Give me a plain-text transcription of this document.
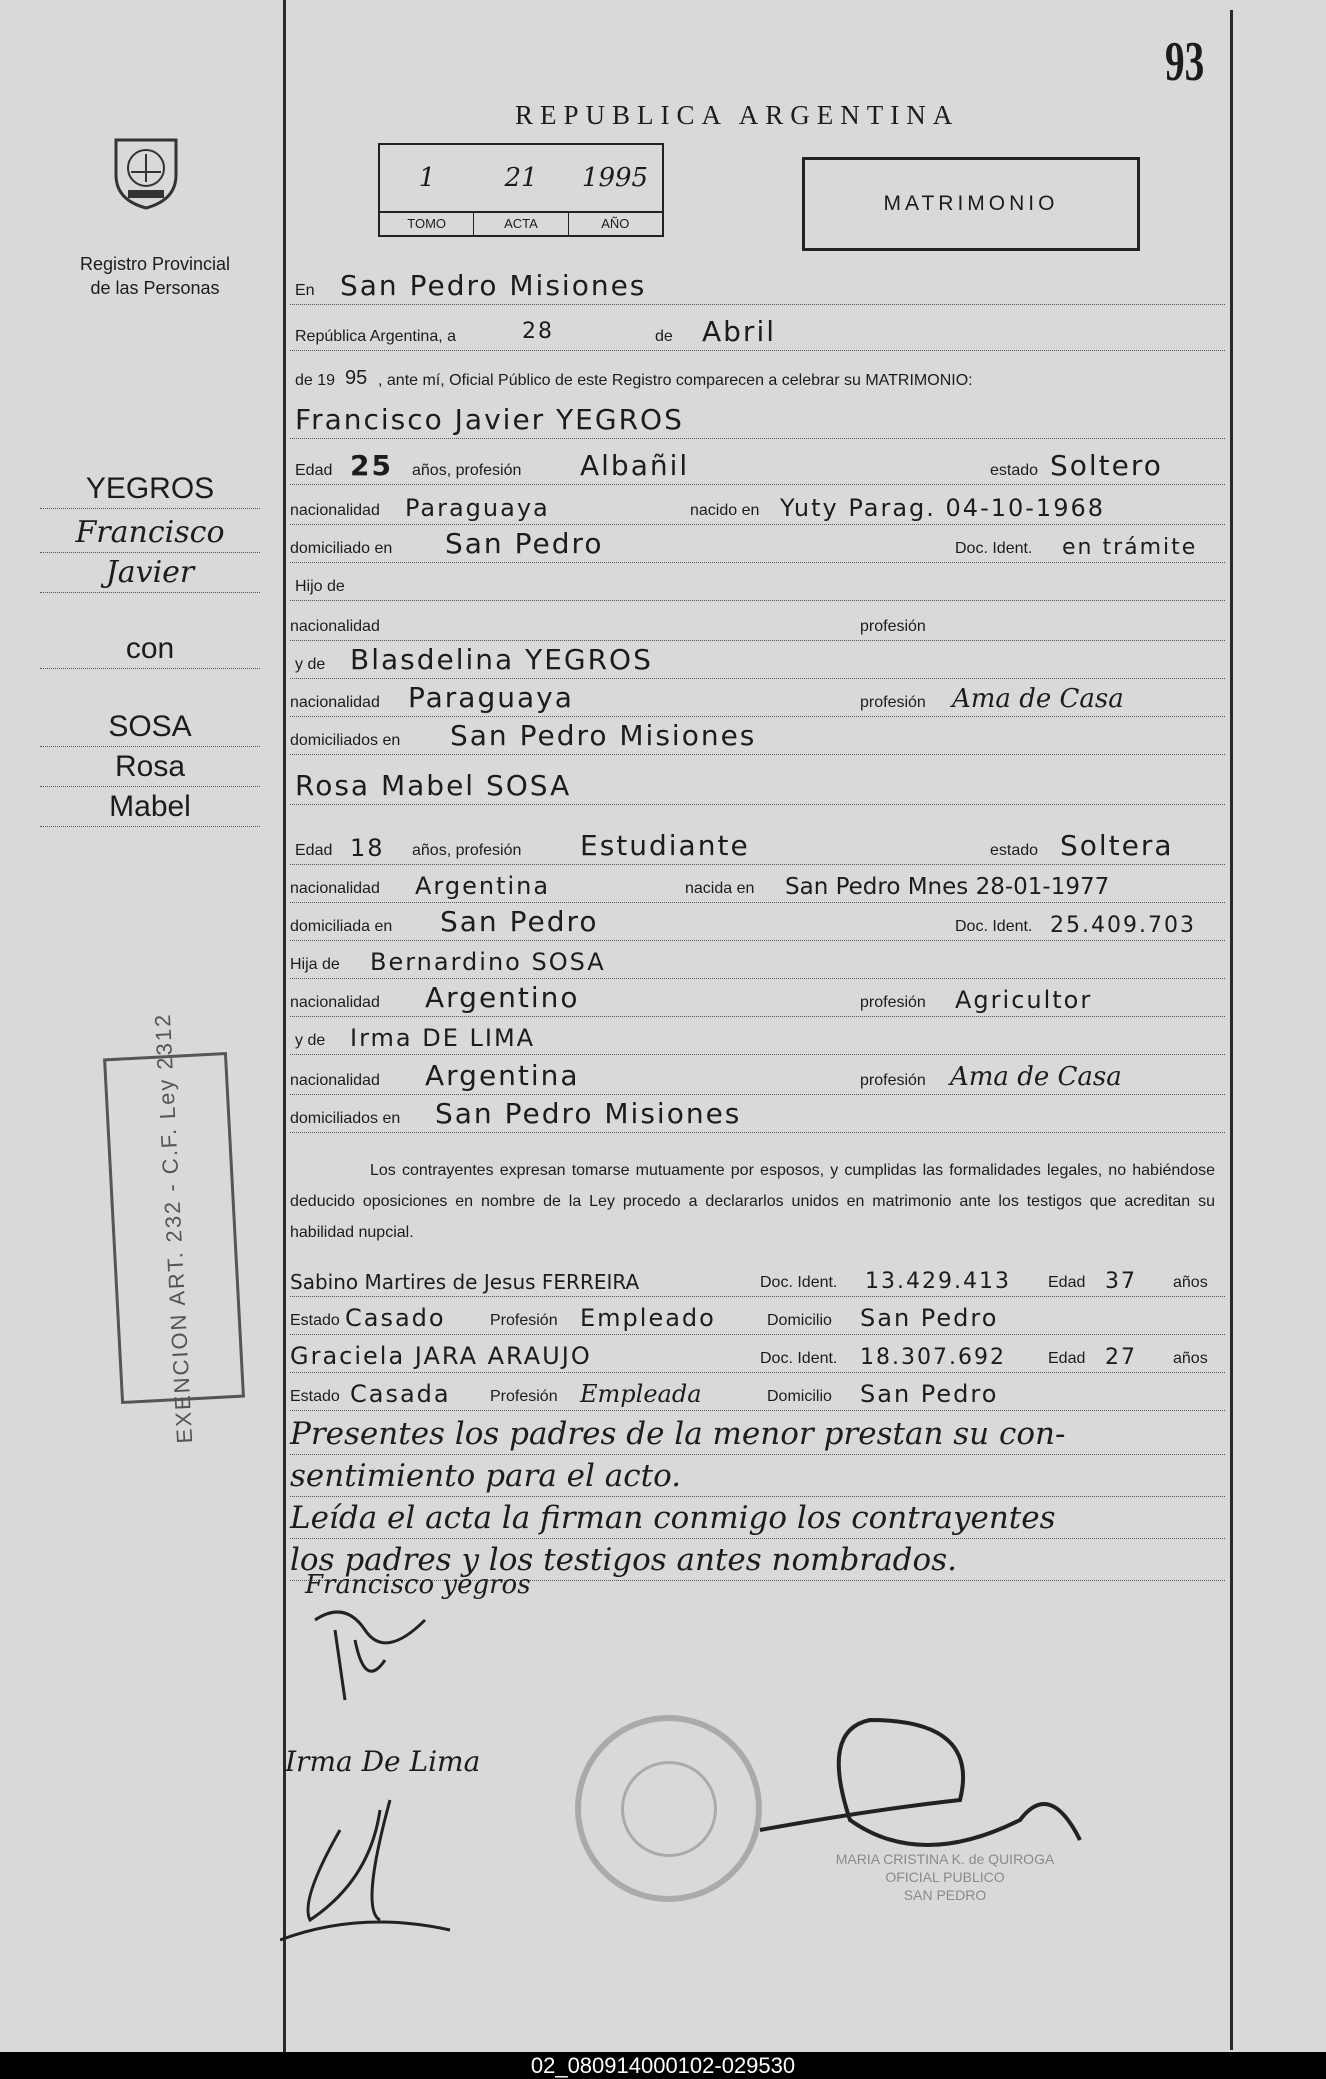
93
REPUBLICA ARGENTINA
Registro Provincial
de las Personas
1	21	1995
TOMO	ACTA	AÑO
MATRIMONIO
YEGROS
Francisco
Javier
con
SOSA
Rosa
Mabel
EXENCION ART. 232 - C.F. Ley 2312
En San Pedro Misiones
República Argentina, a	28	de Abril
de 19 95 , ante mí, Oficial Público de este Registro comparecen a celebrar su MATRIMONIO:
Francisco Javier YEGROS
Edad 25 años, profesión Albañil	estado Soltero
nacionalidad Paraguaya	nacido en Yuty Parag. 04-10-1968
domiciliado en San Pedro	Doc. Ident. en trámite
Hijo de
nacionalidad	profesión
y de Blasdelina YEGROS
nacionalidad Paraguaya	profesión Ama de Casa
domiciliados en San Pedro Misiones
Rosa Mabel SOSA
Edad 18 años, profesión Estudiante	estado Soltera
nacionalidad Argentina	nacida en San Pedro Mnes 28-01-1977
domiciliada en San Pedro	Doc. Ident. 25.409.703
Hija de Bernardino SOSA
nacionalidad Argentino	profesión Agricultor
y de Irma DE LIMA
nacionalidad Argentina	profesión Ama de Casa
domiciliados en San Pedro Misiones
Sabino Martires de Jesus FERREIRA	Doc. Ident. 13.429.413 Edad 37 años
Estado Casado	Profesión Empleado	Domicilio San Pedro
Graciela JARA ARAUJO	Doc. Ident. 18.307.692	Edad 27 años
Estado Casada Profesión Empleada	Domicilio San Pedro
Presentes los padres de la menor prestan su con-
sentimiento para el acto.
Leída el acta la firman conmigo los contrayentes
los padres y los testigos antes nombrados.
Los contrayentes expresan tomarse mutuamente por esposos, y cumplidas las formalidades legales, no habiéndose deducido oposiciones en nombre de la Ley procedo a declararlos unidos en matrimonio ante los testigos que acreditan su habilidad nupcial.
Francisco yegros
Irma De Lima
MARIA CRISTINA K. de QUIROGA
OFICIAL PUBLICO
SAN PEDRO
02_080914000102-029530
